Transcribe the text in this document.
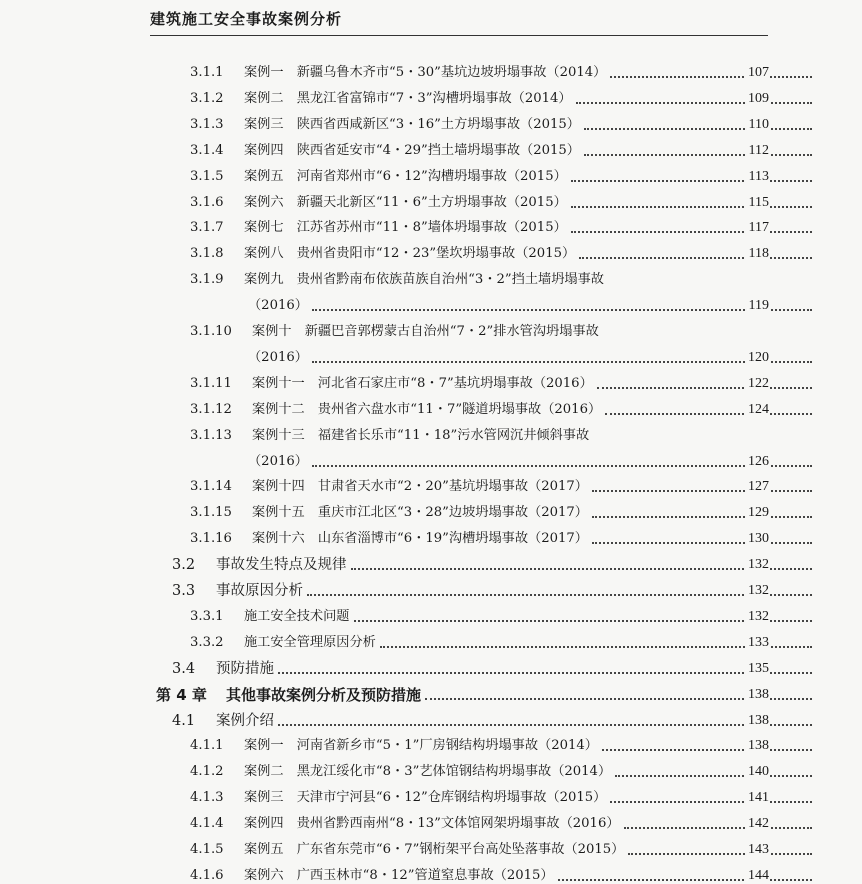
建筑施工安全事故案例分析
3.1.1	案例一　新疆乌鲁木齐市“5・30”基坑边坡坍塌事故（2014）	107
3.1.2	案例二　黑龙江省富锦市“7・3”沟槽坍塌事故（2014）	109
3.1.3	案例三　陕西省西咸新区“3・16”土方坍塌事故（2015）	110
3.1.4	案例四　陕西省延安市“4・29”挡土墙坍塌事故（2015）	112
3.1.5	案例五　河南省郑州市“6・12”沟槽坍塌事故（2015）	113
3.1.6	案例六　新疆天北新区“11・6”土方坍塌事故（2015）	115
3.1.7	案例七　江苏省苏州市“11・8”墙体坍塌事故（2015）	117
3.1.8	案例八　贵州省贵阳市“12・23”堡坎坍塌事故（2015）	118
3.1.9	案例九　贵州省黔南布依族苗族自治州“3・2”挡土墙坍塌事故
（2016）	119
3.1.10	案例十　新疆巴音郭楞蒙古自治州“7・2”排水管沟坍塌事故
（2016）	120
3.1.11	案例十一　河北省石家庄市“8・7”基坑坍塌事故（2016）	122
3.1.12	案例十二　贵州省六盘水市“11・7”隧道坍塌事故（2016）	124
3.1.13	案例十三　福建省长乐市“11・18”污水管网沉井倾斜事故
（2016）	126
3.1.14	案例十四　甘肃省天水市“2・20”基坑坍塌事故（2017）	127
3.1.15	案例十五　重庆市江北区“3・28”边坡坍塌事故（2017）	129
3.1.16	案例十六　山东省淄博市“6・19”沟槽坍塌事故（2017）	130
3.2	事故发生特点及规律	132
3.3	事故原因分析	132
3.3.1	施工安全技术问题	132
3.3.2	施工安全管理原因分析	133
3.4	预防措施	135
第 4 章	其他事故案例分析及预防措施	138
4.1	案例介绍	138
4.1.1	案例一　河南省新乡市“5・1”厂房钢结构坍塌事故（2014）	138
4.1.2	案例二　黑龙江绥化市“8・3”艺体馆钢结构坍塌事故（2014）	140
4.1.3	案例三　天津市宁河县“6・12”仓库钢结构坍塌事故（2015）	141
4.1.4	案例四　贵州省黔西南州“8・13”文体馆网架坍塌事故（2016）	142
4.1.5	案例五　广东省东莞市“6・7”钢桁架平台高处坠落事故（2015）	143
4.1.6	案例六　广西玉林市“8・12”管道窒息事故（2015）	144
